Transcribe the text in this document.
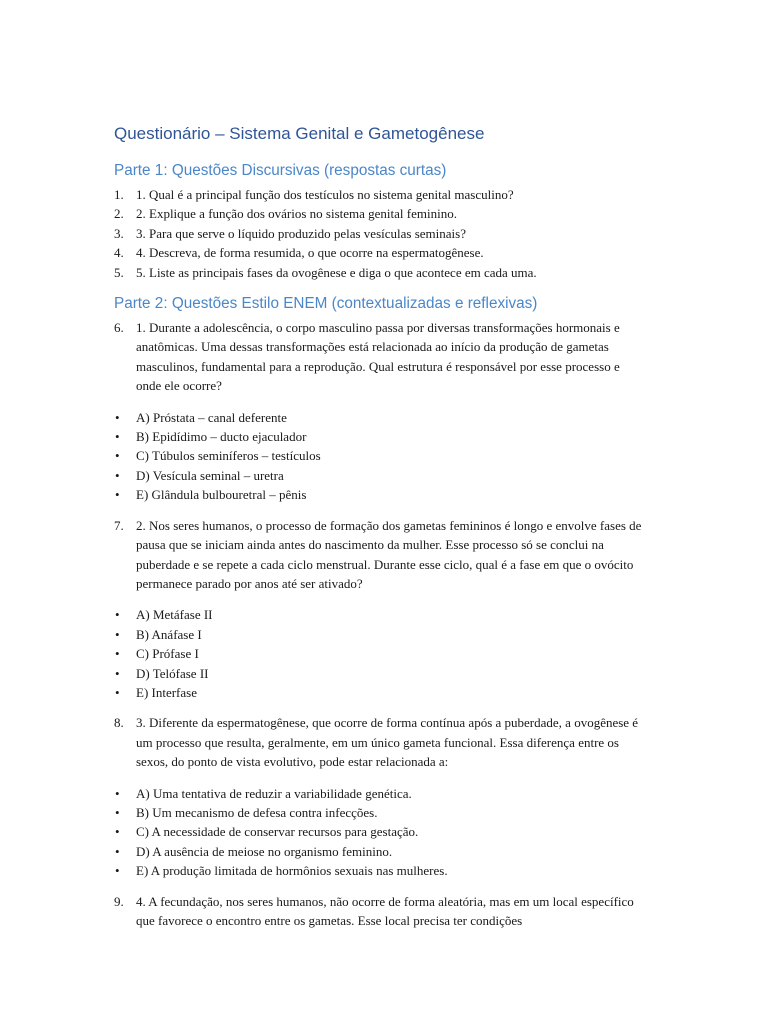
Questionário – Sistema Genital e Gametogênese
Parte 1: Questões Discursivas (respostas curtas)
1. 1. Qual é a principal função dos testículos no sistema genital masculino?
2. 2. Explique a função dos ovários no sistema genital feminino.
3. 3. Para que serve o líquido produzido pelas vesículas seminais?
4. 4. Descreva, de forma resumida, o que ocorre na espermatogênese.
5. 5. Liste as principais fases da ovogênese e diga o que acontece em cada uma.
Parte 2: Questões Estilo ENEM (contextualizadas e reflexivas)
6. 1. Durante a adolescência, o corpo masculino passa por diversas transformações hormonais e anatômicas. Uma dessas transformações está relacionada ao início da produção de gametas masculinos, fundamental para a reprodução. Qual estrutura é responsável por esse processo e onde ele ocorre?
• A) Próstata – canal deferente
• B) Epidídimo – ducto ejaculador
• C) Túbulos seminíferos – testículos
• D) Vesícula seminal – uretra
• E) Glândula bulbouretral – pênis
7. 2. Nos seres humanos, o processo de formação dos gametas femininos é longo e envolve fases de pausa que se iniciam ainda antes do nascimento da mulher. Esse processo só se conclui na puberdade e se repete a cada ciclo menstrual. Durante esse ciclo, qual é a fase em que o ovócito permanece parado por anos até ser ativado?
• A) Metáfase II
• B) Anáfase I
• C) Prófase I
• D) Telófase II
• E) Interfase
8. 3. Diferente da espermatogênese, que ocorre de forma contínua após a puberdade, a ovogênese é um processo que resulta, geralmente, em um único gameta funcional. Essa diferença entre os sexos, do ponto de vista evolutivo, pode estar relacionada a:
• A) Uma tentativa de reduzir a variabilidade genética.
• B) Um mecanismo de defesa contra infecções.
• C) A necessidade de conservar recursos para gestação.
• D) A ausência de meiose no organismo feminino.
• E) A produção limitada de hormônios sexuais nas mulheres.
9. 4. A fecundação, nos seres humanos, não ocorre de forma aleatória, mas em um local específico que favorece o encontro entre os gametas. Esse local precisa ter condições
